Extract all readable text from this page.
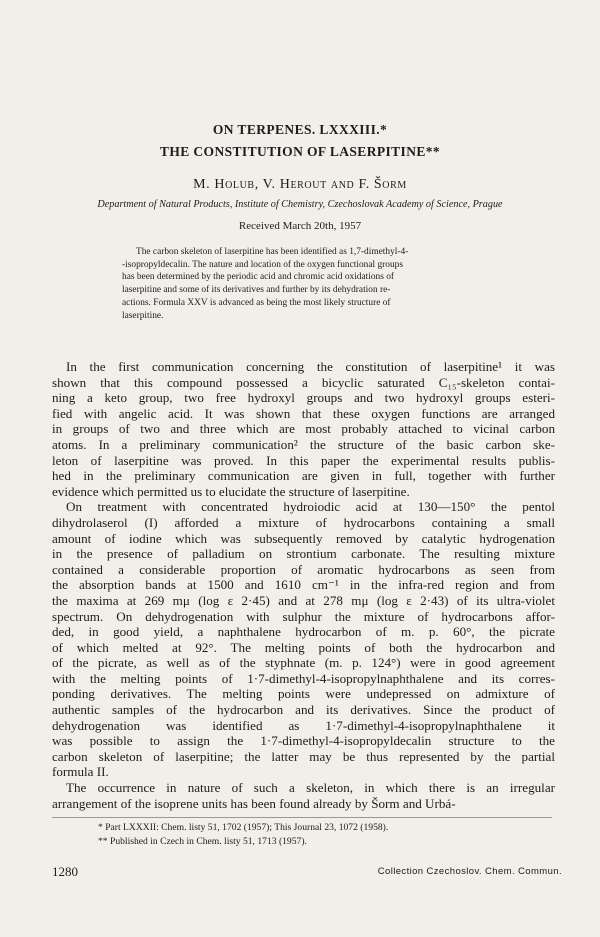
ON TERPENES. LXXXIII.*
THE CONSTITUTION OF LASERPITINE**
M. Holub, V. Herout and F. Šorm
Department of Natural Products, Institute of Chemistry, Czechoslovak Academy of Science, Prague
Received March 20th, 1957
The carbon skeleton of laserpitine has been identified as 1,7-dimethyl-4-
-isopropyldecalin. The nature and location of the oxygen functional groups
has been determined by the periodic acid and chromic acid oxidations of
laserpitine and some of its derivatives and further by its dehydration re-
actions. Formula XXV is advanced as being the most likely structure of
laserpitine.
In the first communication concerning the constitution of laserpitine¹ it was
shown that this compound possessed a bicyclic saturated C₁₅-skeleton contai-
ning a keto group, two free hydroxyl groups and two hydroxyl groups esteri-
fied with angelic acid. It was shown that these oxygen functions are arranged
in groups of two and three which are most probably attached to vicinal carbon
atoms. In a preliminary communication² the structure of the basic carbon ske-
leton of laserpitine was proved. In this paper the experimental results publis-
hed in the preliminary communication are given in full, together with further
evidence which permitted us to elucidate the structure of laserpitine.
On treatment with concentrated hydroiodic acid at 130—150° the pentol
dihydrolaserol (I) afforded a mixture of hydrocarbons containing a small
amount of iodine which was subsequently removed by catalytic hydrogenation
in the presence of palladium on strontium carbonate. The resulting mixture
contained a considerable proportion of aromatic hydrocarbons as seen from
the absorption bands at 1500 and 1610 cm⁻¹ in the infra-red region and from
the maxima at 269 mμ (log ε 2·45) and at 278 mμ (log ε 2·43) of its ultra-violet
spectrum. On dehydrogenation with sulphur the mixture of hydrocarbons affor-
ded, in good yield, a naphthalene hydrocarbon of m. p. 60°, the picrate
of which melted at 92°. The melting points of both the hydrocarbon and
of the picrate, as well as of the styphnate (m. p. 124°) were in good agreement
with the melting points of 1·7-dimethyl-4-isopropylnaphthalene and its corres-
ponding derivatives. The melting points were undepressed on admixture of
authentic samples of the hydrocarbon and its derivatives. Since the product of
dehydrogenation was identified as 1·7-dimethyl-4-isopropylnaphthalene it
was possible to assign the 1·7-dimethyl-4-isopropyldecalin structure to the
carbon skeleton of laserpitine; the latter may be thus represented by the partial
formula II.
The occurrence in nature of such a skeleton, in which there is an irregular
arrangement of the isoprene units has been found already by Šorm and Urbá-
* Part LXXXII: Chem. listy 51, 1702 (1957); This Journal 23, 1072 (1958).
** Published in Czech in Chem. listy 51, 1713 (1957).
1280	Collection Czechoslov. Chem. Commun.
